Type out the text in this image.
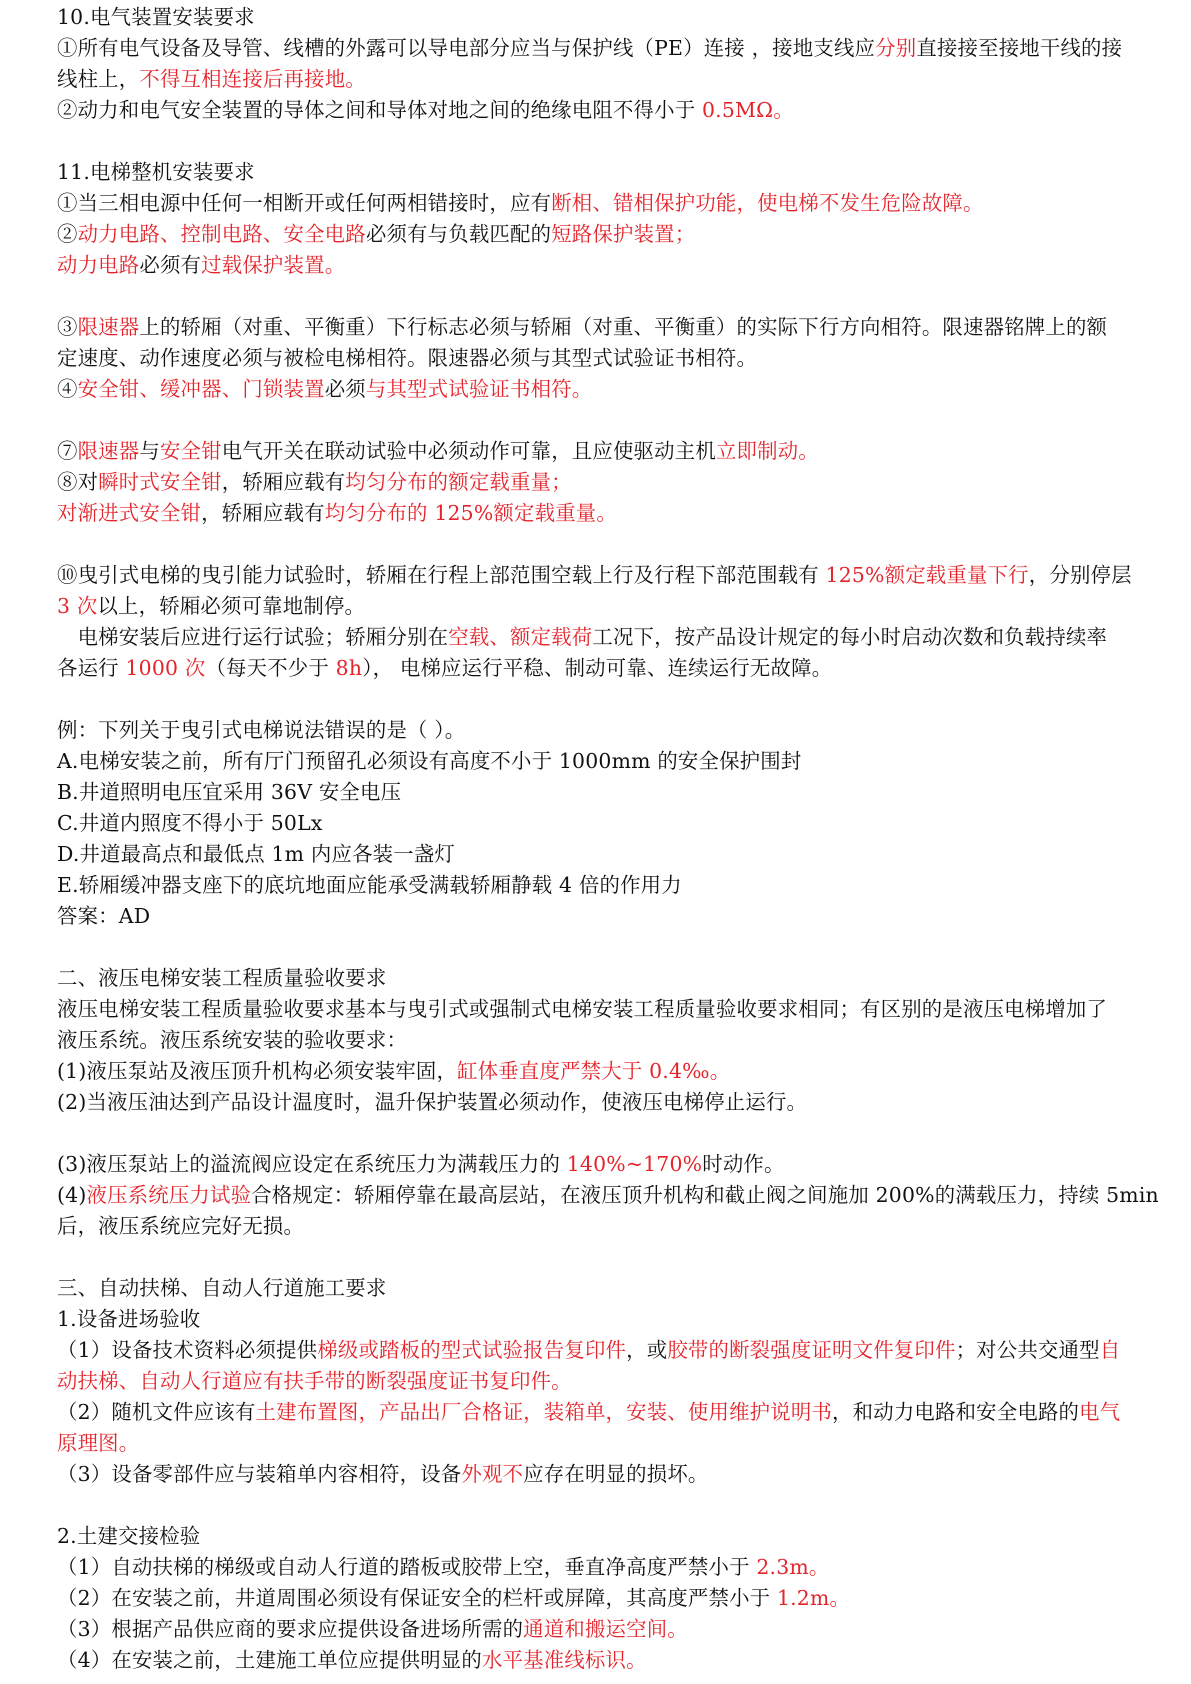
10.电气装置安装要求
①所有电气设备及导管、线槽的外露可以导电部分应当与保护线（PE）连接 ，接地支线应分别直接接至接地干线的接
线柱上，不得互相连接后再接地。
②动力和电气安全装置的导体之间和导体对地之间的绝缘电阻不得小于 0.5MΩ。
11.电梯整机安装要求
①当三相电源中任何一相断开或任何两相错接时，应有断相、错相保护功能，使电梯不发生危险故障。
②动力电路、控制电路、安全电路必须有与负载匹配的短路保护装置；
动力电路必须有过载保护装置。
③限速器上的轿厢（对重、平衡重）下行标志必须与轿厢（对重、平衡重）的实际下行方向相符。限速器铭牌上的额
定速度、动作速度必须与被检电梯相符。限速器必须与其型式试验证书相符。
④安全钳、缓冲器、门锁装置必须与其型式试验证书相符。
⑦限速器与安全钳电气开关在联动试验中必须动作可靠，且应使驱动主机立即制动。
⑧对瞬时式安全钳，轿厢应载有均匀分布的额定载重量；
对渐进式安全钳，轿厢应载有均匀分布的 125%额定载重量。
⑩曳引式电梯的曳引能力试验时，轿厢在行程上部范围空载上行及行程下部范围载有 125%额定载重量下行，分别停层
3 次以上，轿厢必须可靠地制停。
　电梯安装后应进行运行试验；轿厢分别在空载、额定载荷工况下，按产品设计规定的每小时启动次数和负载持续率
各运行 1000 次（每天不少于 8h）， 电梯应运行平稳、制动可靠、连续运行无故障。
例：下列关于曳引式电梯说法错误的是（ ）。
A.电梯安装之前，所有厅门预留孔必须设有高度不小于 1000mm 的安全保护围封
B.井道照明电压宜采用 36V 安全电压
C.井道内照度不得小于 50Lx
D.井道最高点和最低点 1m 内应各装一盏灯
E.轿厢缓冲器支座下的底坑地面应能承受满载轿厢静载 4 倍的作用力
答案：AD
二、液压电梯安装工程质量验收要求
液压电梯安装工程质量验收要求基本与曳引式或强制式电梯安装工程质量验收要求相同；有区别的是液压电梯增加了
液压系统。液压系统安装的验收要求：
(1)液压泵站及液压顶升机构必须安装牢固，缸体垂直度严禁大于 0.4‰。
(2)当液压油达到产品设计温度时，温升保护装置必须动作，使液压电梯停止运行。
(3)液压泵站上的溢流阀应设定在系统压力为满载压力的 140%~170%时动作。
(4)液压系统压力试验合格规定：轿厢停靠在最高层站，在液压顶升机构和截止阀之间施加 200%的满载压力，持续 5min
后，液压系统应完好无损。
三、自动扶梯、自动人行道施工要求
1.设备进场验收
（1）设备技术资料必须提供梯级或踏板的型式试验报告复印件，或胶带的断裂强度证明文件复印件；对公共交通型自
动扶梯、自动人行道应有扶手带的断裂强度证书复印件。
（2）随机文件应该有土建布置图，产品出厂合格证，装箱单，安装、使用维护说明书，和动力电路和安全电路的电气
原理图。
（3）设备零部件应与装箱单内容相符，设备外观不应存在明显的损坏。
2.土建交接检验
（1）自动扶梯的梯级或自动人行道的踏板或胶带上空，垂直净高度严禁小于 2.3m。
（2）在安装之前，井道周围必须设有保证安全的栏杆或屏障，其高度严禁小于 1.2m。
（3）根据产品供应商的要求应提供设备进场所需的通道和搬运空间。
（4）在安装之前，土建施工单位应提供明显的水平基准线标识。
